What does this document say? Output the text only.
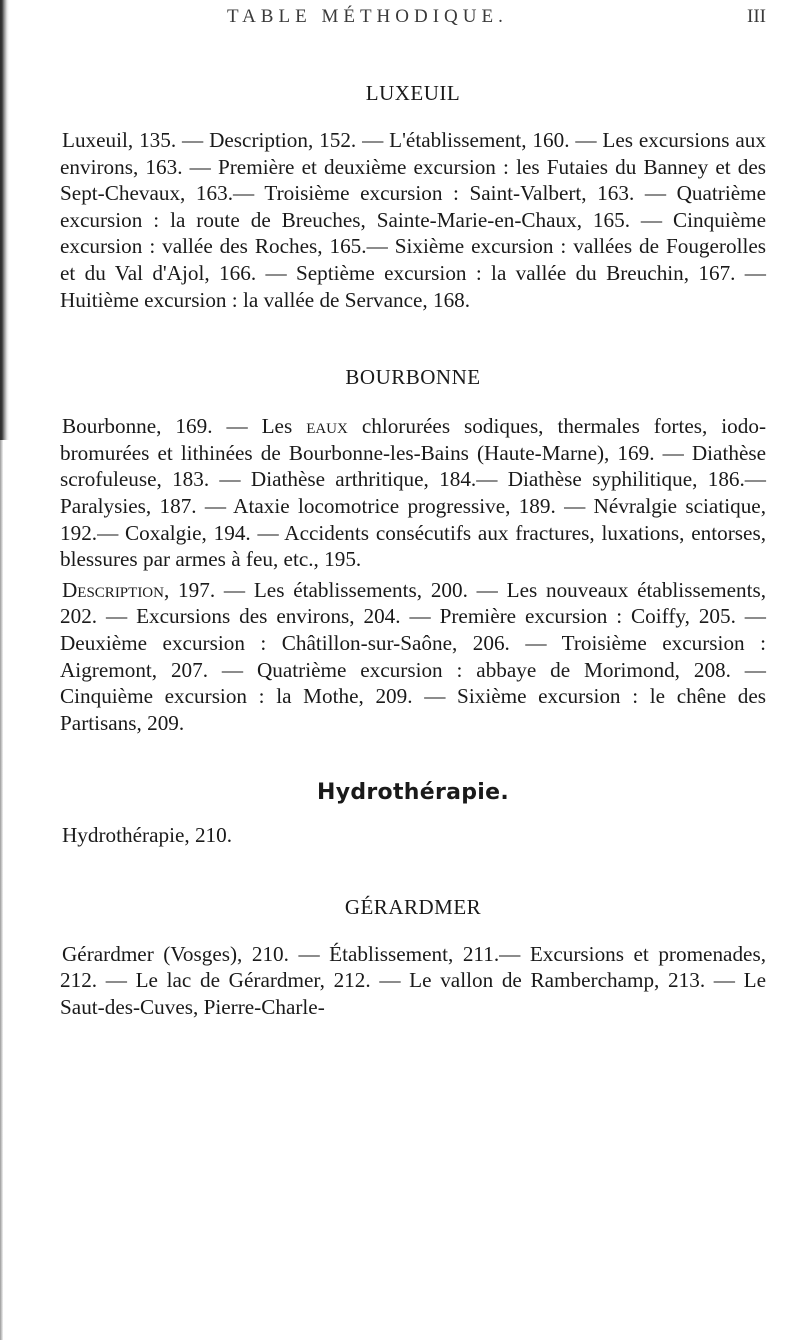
TABLE MÉTHODIQUE.	III
LUXEUIL

Luxeuil, 135. — Description, 152. — L'établissement, 160. — Les excursions aux environs, 163. — Première et deuxième excursion : les Futaies du Banney et des Sept-Chevaux, 163.— Troisième excursion : Saint-Valbert, 163. — Quatrième excursion : la route de Breuches, Sainte-Marie-en-Chaux, 165. — Cinquième excursion : vallée des Roches, 165.— Sixième excursion : vallées de Fougerolles et du Val d'Ajol, 166. — Septième excursion : la vallée du Breuchin, 167. — Huitième excursion : la vallée de Servance, 168.

BOURBONNE

Bourbonne, 169. — Les eaux chlorurées sodiques, thermales fortes, iodo-bromurées et lithinées de Bourbonne-les-Bains (Haute-Marne), 169. — Diathèse scrofuleuse, 183. — Diathèse arthritique, 184.— Diathèse syphilitique, 186.— Paralysies, 187. — Ataxie locomotrice progressive, 189. — Névralgie sciatique, 192.— Coxalgie, 194. — Accidents consécutifs aux fractures, luxations, entorses, blessures par armes à feu, etc., 195.

Description, 197. — Les établissements, 200. — Les nouveaux établissements, 202. — Excursions des environs, 204. — Première excursion : Coiffy, 205. — Deuxième excursion : Châtillon-sur-Saône, 206. — Troisième excursion : Aigremont, 207. — Quatrième excursion : abbaye de Morimond, 208. — Cinquième excursion : la Mothe, 209. — Sixième excursion : le chêne des Partisans, 209.

Hydrothérapie.

Hydrothérapie, 210.

GÉRARDMER

Gérardmer (Vosges), 210. — Établissement, 211.— Excursions et promenades, 212. — Le lac de Gérardmer, 212. — Le vallon de Ramberchamp, 213. — Le Saut-des-Cuves, Pierre-Charle-
